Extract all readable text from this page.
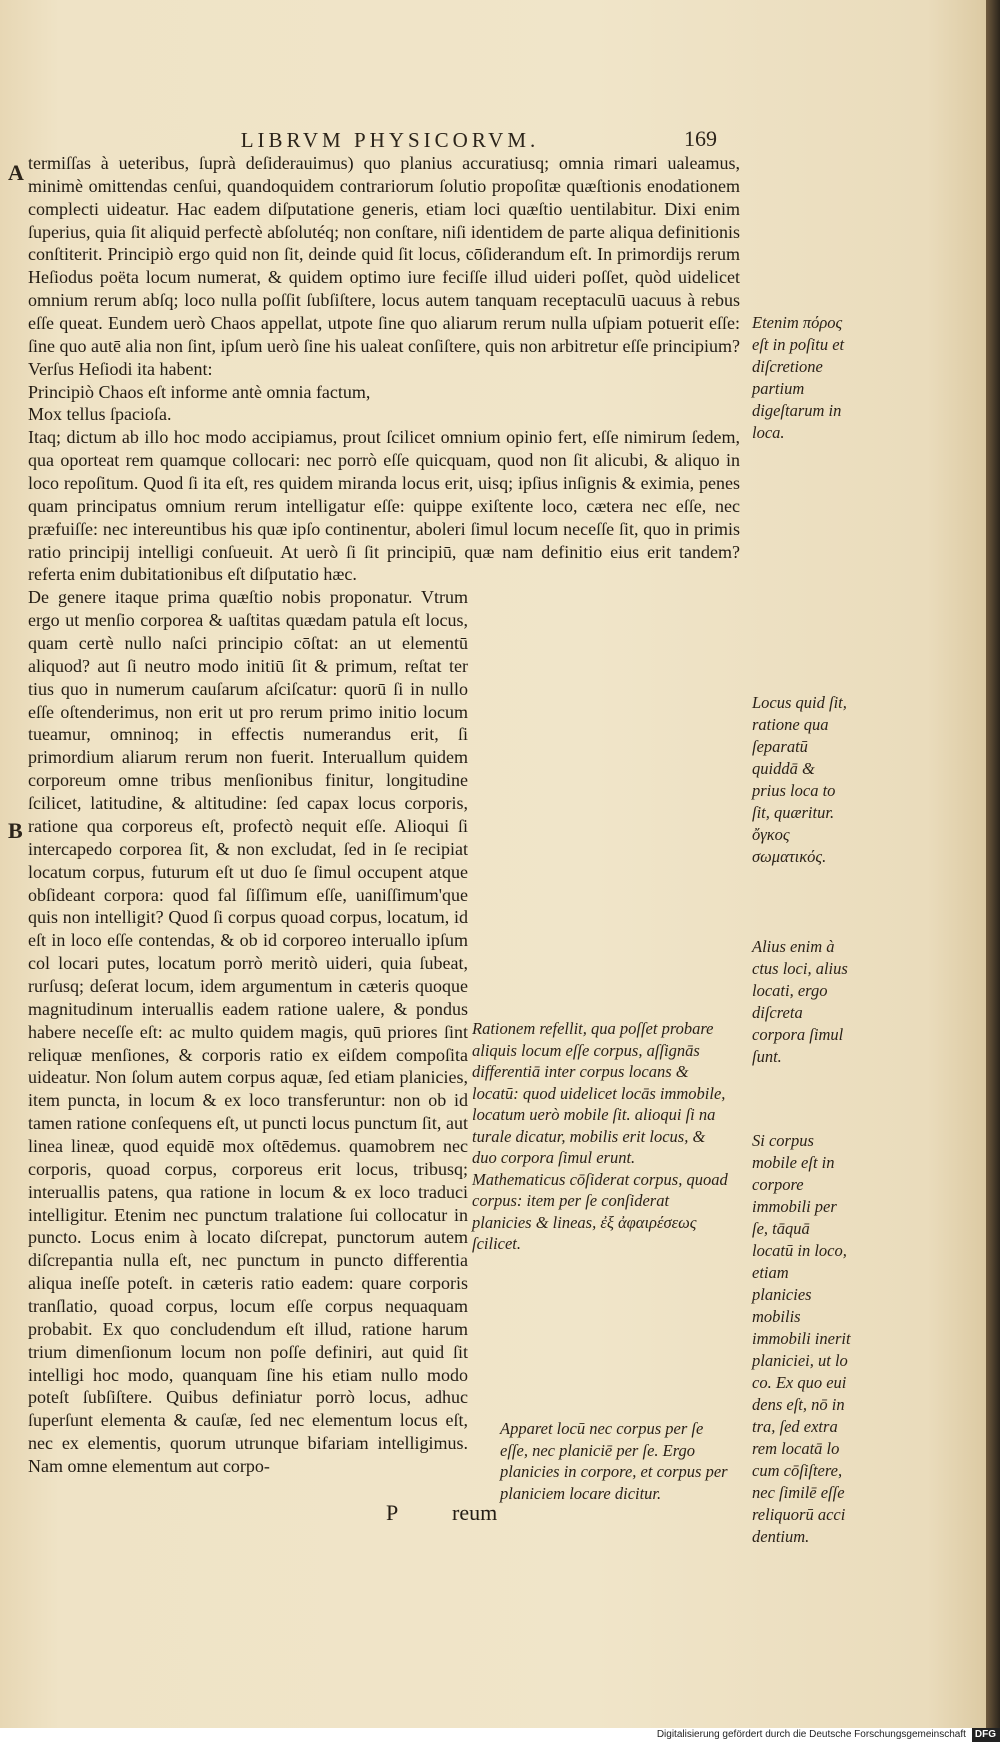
LIBRVM PHYSICORVM.	169
A
B

termiſſas à ueteribus, ſuprà deſiderauimus) quo planius accuratiusq; omnia rimari ualeamus, minimè omittendas cenſui, quandoquidem contrariorum ſolutio propoſitæ quæſtionis enodationem complecti uideatur. Hac eadem diſputatione generis, etiam loci quæſtio uentilabitur. Dixi enim ſuperius, quia ſit aliquid perfectè abſolutéq; non conſtare, niſi identidem de parte aliqua definitionis conſtiterit. Principiò ergo quid non ſit, deinde quid ſit locus, cōſiderandum eſt. In primordijs rerum Heſiodus poëta locum numerat, & quidem optimo iure feciſſe illud uideri poſſet, quòd uidelicet omnium rerum abſq; loco nulla poſſit ſubſiſtere, locus autem tanquam receptaculū uacuus à rebus eſſe queat. Eundem uerò Chaos appellat, utpote ſine quo aliarum rerum nulla uſpiam potuerit eſſe: ſine quo autē alia non ſint, ipſum uerò ſine his ualeat conſiſtere, quis non arbitretur eſſe principium? Verſus Heſiodi ita habent:

Principiò Chaos eſt informe antè omnia factum,

Mox tellus ſpacioſa.

Itaq; dictum ab illo hoc modo accipiamus, prout ſcilicet omnium opinio fert, eſſe nimirum ſedem, qua oporteat rem quamque collocari: nec porrò eſſe quicquam, quod non ſit alicubi, & aliquo in loco repoſitum. Quod ſi ita eſt, res quidem miranda locus erit, uisq; ipſius inſignis & eximia, penes quam principatus omnium rerum intelligatur eſſe: quippe exiſtente loco, cætera nec eſſe, nec præfuiſſe: nec intereuntibus his quæ ipſo continentur, aboleri ſimul locum neceſſe ſit, quo in primis ratio principij intelligi conſueuit. At uerò ſi ſit principiū, quæ nam definitio eius erit tandem? referta enim dubitationibus eſt diſputatio hæc.

De genere itaque prima quæſtio nobis proponatur. Vtrum ergo ut menſio corporea & uaſtitas quædam patula eſt locus, quam certè nullo naſci principio cōſtat: an ut elementū aliquod? aut ſi neutro modo initiū ſit & primum, reſtat ter tius quo in numerum cauſarum aſciſcatur: quorū ſi in nullo eſſe oſtenderimus, non erit ut pro rerum primo initio locum tueamur, omninoq; in effectis numerandus erit, ſi primordium aliarum rerum non fuerit. Interuallum quidem corporeum omne tribus menſionibus finitur, longitudine ſcilicet, latitudine, & altitudine: ſed capax locus corporis, ratione qua corporeus eſt, profectò nequit eſſe. Alioqui ſi intercapedo corporea ſit, & non excludat, ſed in ſe recipiat locatum corpus, futurum eſt ut duo ſe ſimul occupent atque obſideant corpora: quod fal ſiſſimum eſſe, uaniſſimum'que quis non intelligit? Quod ſi corpus quoad corpus, locatum, id eſt in loco eſſe contendas, & ob id corporeo interuallo ipſum col locari putes, locatum porrò meritò uideri, quia ſubeat, rurſusq; deſerat locum, idem argumentum in cæteris quoque magnitudinum interuallis eadem ratione ualere, & pondus habere neceſſe eſt: ac multo quidem magis, quū priores ſint reliquæ menſiones, & corporis ratio ex eiſdem compoſita uideatur. Non ſolum autem corpus aquæ, ſed etiam planicies, item puncta, in locum & ex loco transferuntur: non ob id tamen ratione conſequens eſt, ut puncti locus punctum ſit, aut linea lineæ, quod equidē mox oſtēdemus. quamobrem nec corporis, quoad corpus, corporeus erit locus, tribusq; interuallis patens, qua ratione in locum & ex loco traduci intelligitur. Etenim nec punctum tralatione ſui collocatur in puncto. Locus enim à locato diſcrepat, punctorum autem diſcrepantia nulla eſt, nec punctum in puncto differentia aliqua ineſſe poteſt. in cæteris ratio eadem: quare corporis tranſlatio, quoad corpus, locum eſſe corpus nequaquam probabit. Ex quo concludendum eſt illud, ratione harum trium dimenſionum locum non poſſe definiri, aut quid ſit intelligi hoc modo, quanquam ſine his etiam nullo modo poteſt ſubſiſtere. Quibus definiatur porrò locus, adhuc ſuperſunt elementa & cauſæ, ſed nec elementum locus eſt, nec ex elementis, quorum utrunque bifariam intelligimus. Nam omne elementum aut corpo-

Rationem refellit, qua poſſet probare aliquis locum eſſe corpus, aſſignās differentiā inter corpus locans & locatū: quod uidelicet locās immobile, locatum uerò mobile ſit. alioqui ſi na turale dicatur, mobilis erit locus, & duo corpora ſimul erunt. Mathematicus cōſiderat corpus, quoad corpus: item per ſe conſiderat planicies & lineas, ἐξ ἀφαιρέσεως ſcilicet.
Apparet locū nec corpus per ſe eſſe, nec planiciē per ſe. Ergo planicies in corpore, et corpus per planiciem locare dicitur.
Etenim πόρος eſt in poſitu et diſcretione partium digeſtarum in loca.
Locus quid ſit, ratione qua ſeparatū quiddā & prius loca to ſit, quæritur. ὄγκος σωματικός.
Alius enim à ctus loci, alius locati, ergo diſcreta corpora ſimul ſunt.
Si corpus mobile eſt in corpore immobili per ſe, tāquā locatū in loco, etiam planicies mobilis immobili inerit planiciei, ut lo co. Ex quo eui dens eſt, nō in tra, ſed extra rem locatā lo cum cōſiſtere, nec ſimilē eſſe reliquorū acci dentium.
P reum
Digitalisierung gefördert durch die Deutsche Forschungsgemeinschaft DFG
